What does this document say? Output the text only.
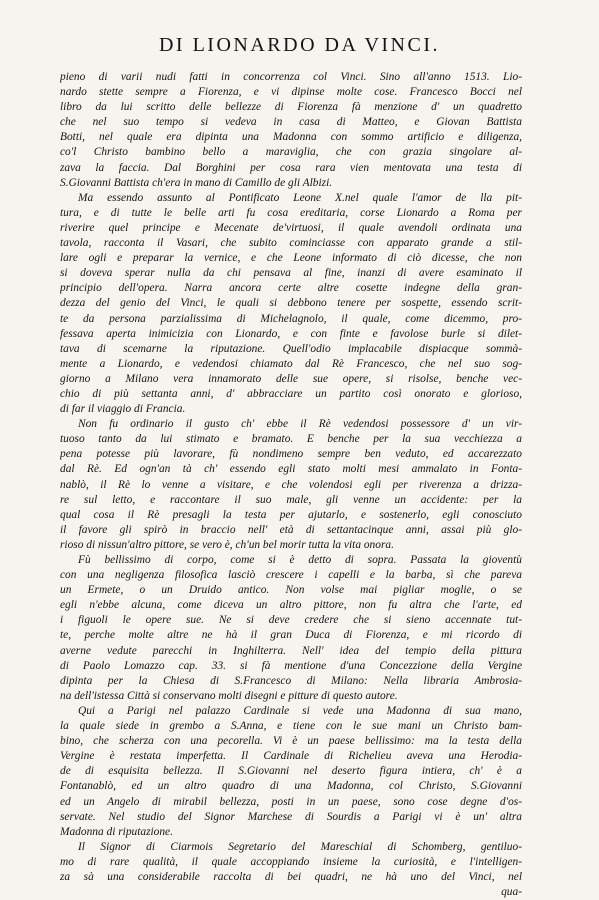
DI LIONARDO DA VINCI.
pieno di varii nudi fatti in concorrenza col Vinci. Sino all'anno 1513. Lio-
nardo stette sempre a Fiorenza, e vi dipinse molte cose. Francesco Bocci nel
libro da lui scritto delle bellezze di Fiorenza fà menzione d' un quadretto
che nel suo tempo si vedeva in casa di Matteo, e Giovan Battista
Botti, nel quale era dipinta una Madonna con sommo artificio e diligenza,
co'l Christo bambino bello a maraviglia, che con grazia singolare al-
zava la faccia. Dal Borghini per cosa rara vien mentovata una testa di
S.Giovanni Battista ch'era in mano di Camillo de gli Albizi.
Ma essendo assunto al Pontificato Leone X.nel quale l'amor de lla pit-
tura, e di tutte le belle arti fu cosa ereditaria, corse Lionardo a Roma per
riverire quel principe e Mecenate de'virtuosi, il quale avendoli ordinata una
tavola, racconta il Vasari, che subito cominciasse con apparato grande a stil-
lare ogli e preparar la vernice, e che Leone informato di ciò dicesse, che non
si doveva sperar nulla da chi pensava al fine, inanzi di avere esaminato il
principio dell'opera. Narra ancora certe altre cosette indegne della gran-
dezza del genio del Vinci, le quali si debbono tenere per sospette, essendo scrit-
te da persona parzialissima di Michelagnolo, il quale, come dicemmo, pro-
fessava aperta inimicizia con Lionardo, e con finte e favolose burle si dilet-
tava di scemarne la riputazione. Quell'odio implacabile dispiacque sommà-
mente a Lionardo, e vedendosi chiamato dal Rè Francesco, che nel suo sog-
giorno a Milano vera innamorato delle sue opere, si risolse, benche vec-
chio di più settanta anni, d' abbracciare un partito così onorato e glorioso,
di far il viaggio di Francia.
Non fu ordinario il gusto ch' ebbe il Rè vedendosi possessore d' un vir-
tuoso tanto da lui stimato e bramato. E benche per la sua vecchiezza a
pena potesse più lavorare, fù nondimeno sempre ben veduto, ed accarezzato
dal Rè. Ed ogn'an tà ch' essendo egli stato molti mesi ammalato in Fonta-
nablò, il Rè lo venne a visitare, e che volendosi egli per riverenza a drizza-
re sul letto, e raccontare il suo male, gli venne un accidente: per la
qual cosa il Rè presagli la testa per ajutarlo, e sostenerlo, egli conosciuto
il favore gli spirò in braccio nell' età di settantacinque anni, assai più glo-
rioso di nissun'altro pittore, se vero è, ch'un bel morir tutta la vita onora.
Fù bellissimo di corpo, come si è detto di sopra. Passata la gioventù
con una negligenza filosofica lasciò crescere i capelli e la barba, sì che pareva
un Ermete, o un Druido antico. Non volse mai pigliar moglie, o se
egli n'ebbe alcuna, come diceva un altro pittore, non fu altra che l'arte, ed
i figuoli le opere sue. Ne si deve credere che si sieno accennate tut-
te, perche molte altre ne hà il gran Duca di Fiorenza, e mi ricordo di
averne vedute parecchi in Inghilterra. Nell' idea del tempio della pittura
di Paolo Lomazzo cap. 33. si fà mentione d'una Concezzione della Vergine
dipinta per la Chiesa di S.Francesco di Milano: Nella libraria Ambrosia-
na dell'istessa Città si conservano molti disegni e pitture di questo autore.
Qui a Parigi nel palazzo Cardinale si vede una Madonna di sua mano,
la quale siede in grembo a S.Anna, e tiene con le sue mani un Christo bam-
bino, che scherza con una pecorella. Vi è un paese bellissimo: ma la testa della
Vergine è restata imperfetta. Il Cardinale di Richelieu aveva una Herodia-
de di esquisita bellezza. Il S.Giovanni nel deserto figura intiera, ch' è a
Fontanablò, ed un altro quadro di una Madonna, col Christo, S.Giovanni
ed un Angelo di mirabil bellezza, posti in un paese, sono cose degne d'os-
servate. Nel studio del Signor Marchese di Sourdis a Parigi vi è un' altra
Madonna di riputazione.
Il Signor di Ciarmois Segretario del Mareschial di Schomberg, gentiluo-
mo di rare qualità, il quale accoppiando insieme la curiosità, e l'intelligen-
za sà una considerabile raccolta di bei quadri, ne hà uno del Vinci, nel
qua-
